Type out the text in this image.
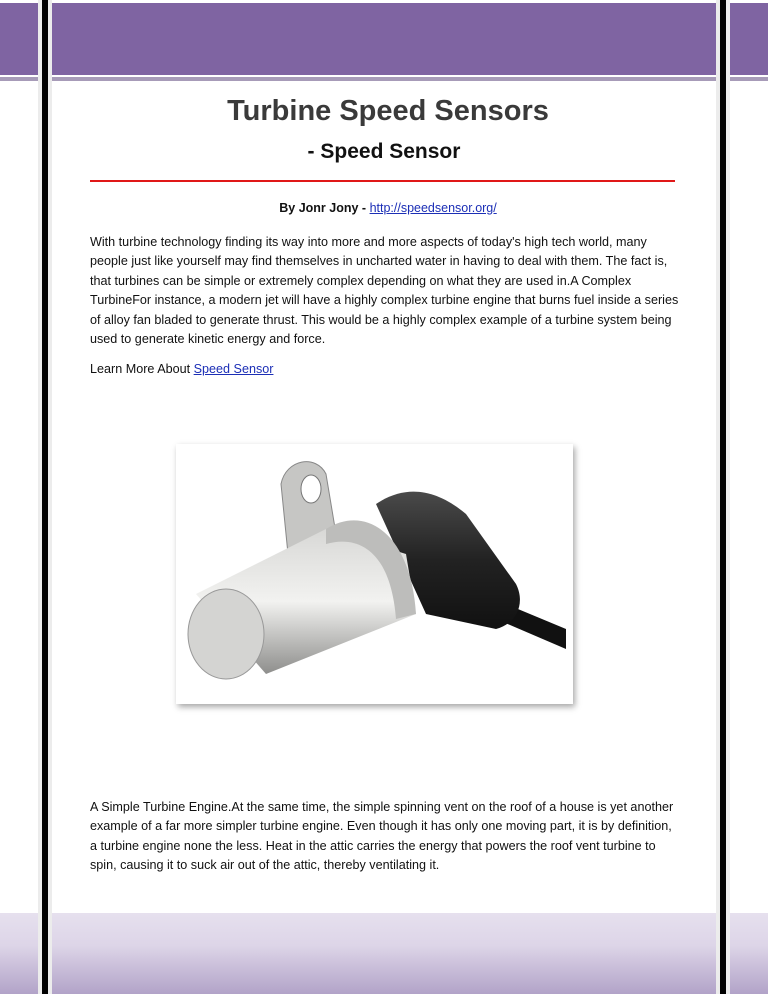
Turbine Speed Sensors
- Speed Sensor
By Jonr Jony - http://speedsensor.org/

With turbine technology finding its way into more and more aspects of today's high tech world, many people just like yourself may find themselves in uncharted water in having to deal with them. The fact is, that turbines can be simple or extremely complex depending on what they are used in.A Complex TurbineFor instance, a modern jet will have a highly complex turbine engine that burns fuel inside a series of alloy fan bladed to generate thrust. This would be a highly complex example of a turbine system being used to generate kinetic energy and force.

Learn More About Speed Sensor

A Simple Turbine Engine.At the same time, the simple spinning vent on the roof of a house is yet another example of a far more simpler turbine engine. Even though it has only one moving part, it is by definition, a turbine engine none the less. Heat in the attic carries the energy that powers the roof vent turbine to spin, causing it to suck air out of the attic, thereby ventilating it.
